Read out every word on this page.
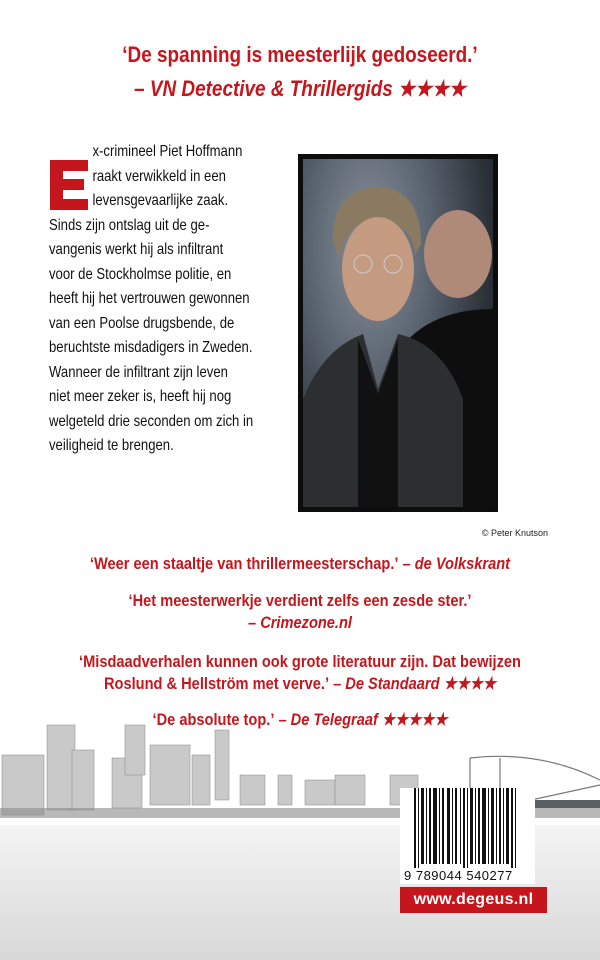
‘De spanning is meesterlijk gedoseerd.’
– VN Detective & Thrillergids ★★★★
x-crimineel Piet Hoffmann
raakt verwikkeld in een
levensgevaarlijke zaak.
Sinds zijn ontslag uit de ge-
vangenis werkt hij als infiltrant
voor de Stockholmse politie, en
heeft hij het vertrouwen gewonnen
van een Poolse drugsbende, de
beruchtste misdadigers in Zweden.
Wanneer de infiltrant zijn leven
niet meer zeker is, heeft hij nog
welgeteld drie seconden om zich in
veiligheid te brengen.
© Peter Knutson
‘Weer een staaltje van thrillermeesterschap.’ – de Volkskrant
‘Het meesterwerkje verdient zelfs een zesde ster.’
– Crimezone.nl
‘Misdaadverhalen kunnen ook grote literatuur zijn. Dat bewijzen
Roslund & Hellström met verve.’ – De Standaard ★★★★
‘De absolute top.’ – De Telegraaf ★★★★★
9 789044 540277
www.degeus.nl
